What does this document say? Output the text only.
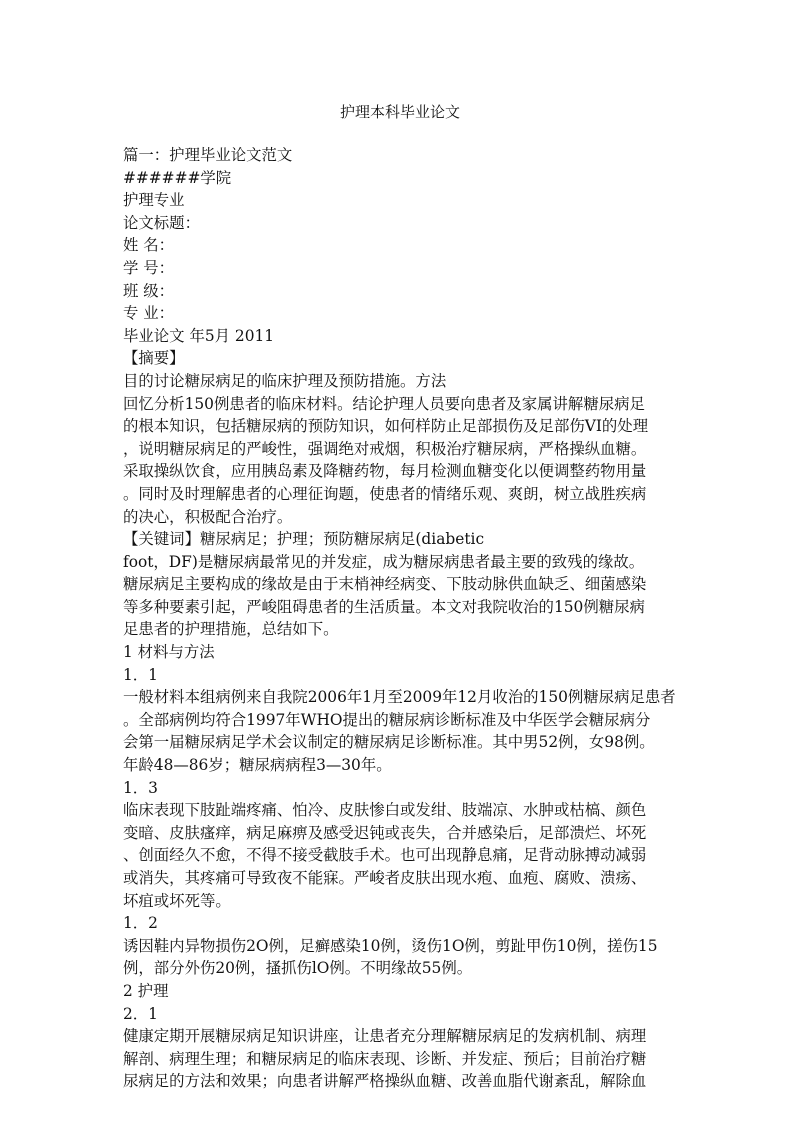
护理本科毕业论文
篇一：护理毕业论文范文
######学院
护理专业
论文标题：
姓 名：
学 号：
班 级：
专 业：
毕业论文 年5月 2011
【摘要】
目的讨论糖尿病足的临床护理及预防措施。方法
回忆分析150例患者的临床材料。结论护理人员要向患者及家属讲解糖尿病足
的根本知识，包括糖尿病的预防知识，如何样防止足部损伤及足部伤VI的处理
，说明糖尿病足的严峻性，强调绝对戒烟，积极治疗糖尿病，严格操纵血糖。
采取操纵饮食，应用胰岛素及降糖药物，每月检测血糖变化以便调整药物用量
。同时及时理解患者的心理征询题，使患者的情绪乐观、爽朗，树立战胜疾病
的决心，积极配合治疗。
【关键词】糖尿病足；护理；预防糖尿病足(diabetic
foot，DF)是糖尿病最常见的并发症，成为糖尿病患者最主要的致残的缘故。
糖尿病足主要构成的缘故是由于末梢神经病变、下肢动脉供血缺乏、细菌感染
等多种要素引起，严峻阻碍患者的生活质量。本文对我院收治的150例糖尿病
足患者的护理措施，总结如下。
1 材料与方法
1．1
一般材料本组病例来自我院2006年1月至2009年12月收治的150例糖尿病足患者
。全部病例均符合1997年WHO提出的糖尿病诊断标准及中华医学会糖尿病分
会第一届糖尿病足学术会议制定的糖尿病足诊断标准。其中男52例，女98例。
年龄48—86岁；糖尿病病程3—30年。
1．3
临床表现下肢趾端疼痛、怕冷、皮肤惨白或发绀、肢端凉、水肿或枯槁、颜色
变暗、皮肤瘙痒，病足麻痹及感受迟钝或丧失，合并感染后，足部溃烂、坏死
、创面经久不愈，不得不接受截肢手术。也可出现静息痛，足背动脉搏动减弱
或消失，其疼痛可导致夜不能寐。严峻者皮肤出现水疱、血疱、腐败、溃疡、
坏疽或坏死等。
1．2
诱因鞋内异物损伤2O例，足癣感染10例，烫伤1O例，剪趾甲伤10例，搓伤15
例，部分外伤20例，搔抓伤lO例。不明缘故55例。
2 护理
2．1
健康定期开展糖尿病足知识讲座，让患者充分理解糖尿病足的发病机制、病理
解剖、病理生理；和糖尿病足的临床表现、诊断、并发症、预后；目前治疗糖
尿病足的方法和效果；向患者讲解严格操纵血糖、改善血脂代谢紊乱，解除血
